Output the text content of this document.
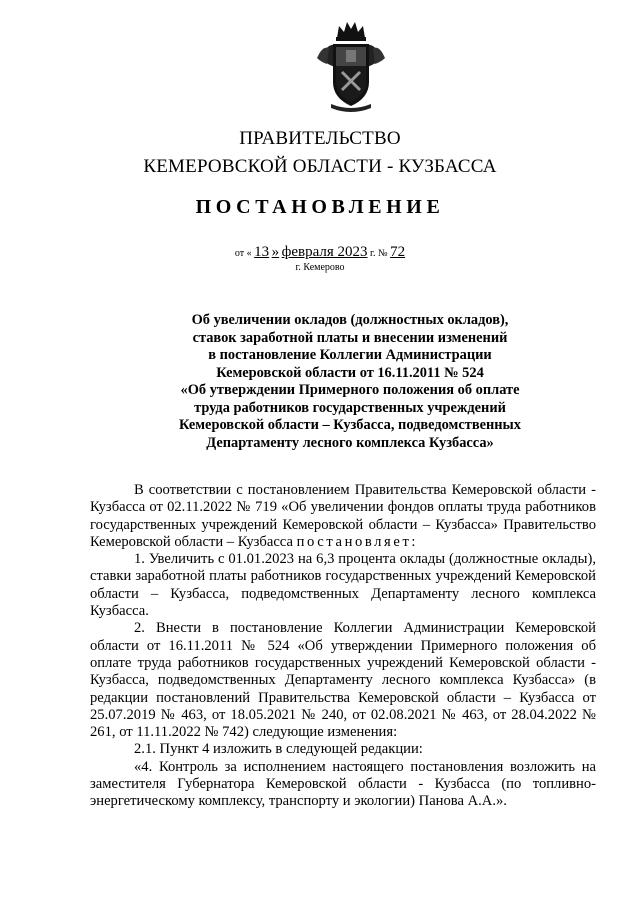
ПРАВИТЕЛЬСТВО
КЕМЕРОВСКОЙ ОБЛАСТИ - КУЗБАССА
ПОСТАНОВЛЕНИЕ
от « 13 » февраля 2023 г. № 72
г. Кемерово
Об увеличении окладов (должностных окладов),
ставок заработной платы и внесении изменений
в постановление Коллегии Администрации
Кемеровской области от 16.11.2011 № 524
«Об утверждении Примерного положения об оплате
труда работников государственных учреждений
Кемеровской области – Кузбасса, подведомственных
Департаменту лесного комплекса Кузбасса»

В соответствии с постановлением Правительства Кемеровской области - Кузбасса от 02.11.2022 № 719 «Об увеличении фондов оплаты труда работников государственных учреждений Кемеровской области – Кузбасса» Правительство Кемеровской области – Кузбасса постановляет:

1. Увеличить с 01.01.2023 на 6,3 процента оклады (должностные оклады), ставки заработной платы работников государственных учреждений Кемеровской области – Кузбасса, подведомственных Департаменту лесного комплекса Кузбасса.

2. Внести в постановление Коллегии Администрации Кемеровской области от 16.11.2011 № 524 «Об утверждении Примерного положения об оплате труда работников государственных учреждений Кемеровской области - Кузбасса, подведомственных Департаменту лесного комплекса Кузбасса» (в редакции постановлений Правительства Кемеровской области – Кузбасса от 25.07.2019 № 463, от 18.05.2021 № 240, от 02.08.2021 № 463, от 28.04.2022 № 261, от 11.11.2022 № 742) следующие изменения:

2.1. Пункт 4 изложить в следующей редакции:

«4. Контроль за исполнением настоящего постановления возложить на заместителя Губернатора Кемеровской области - Кузбасса (по топливно-энергетическому комплексу, транспорту и экологии) Панова А.А.».
